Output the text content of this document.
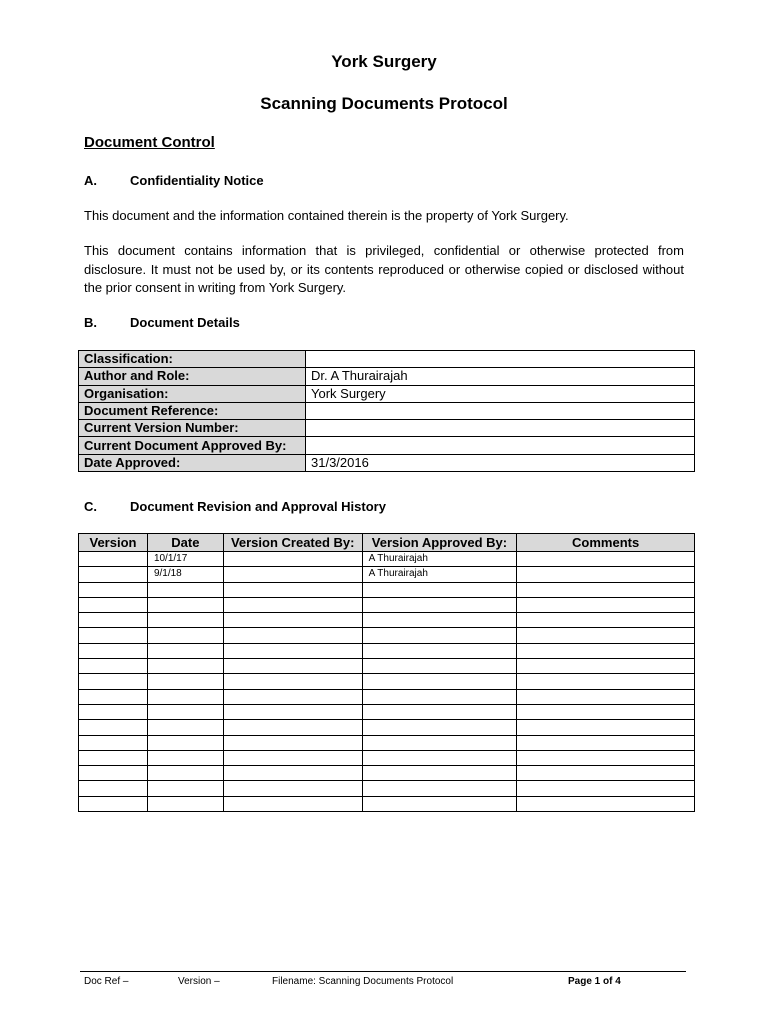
York Surgery
Scanning Documents Protocol
Document Control
A.	Confidentiality Notice
This document and the information contained therein is the property of York Surgery.
This document contains information that is privileged, confidential or otherwise protected from disclosure. It must not be used by, or its contents reproduced or otherwise copied or disclosed without the prior consent in writing from York Surgery.
B.	Document Details
Classification:	
Author and Role:	Dr. A Thurairajah
Organisation:	York Surgery
Document Reference:	
Current Version Number:	
Current Document Approved By:	
Date Approved:	31/3/2016
C.	Document Revision and Approval History
Version	Date	Version Created By:	Version Approved By:	Comments
	10/1/17		A Thurairajah	
	9/1/18		A Thurairajah	

Doc Ref –	Version –	Filename: Scanning Documents Protocol	Page 1 of 4
